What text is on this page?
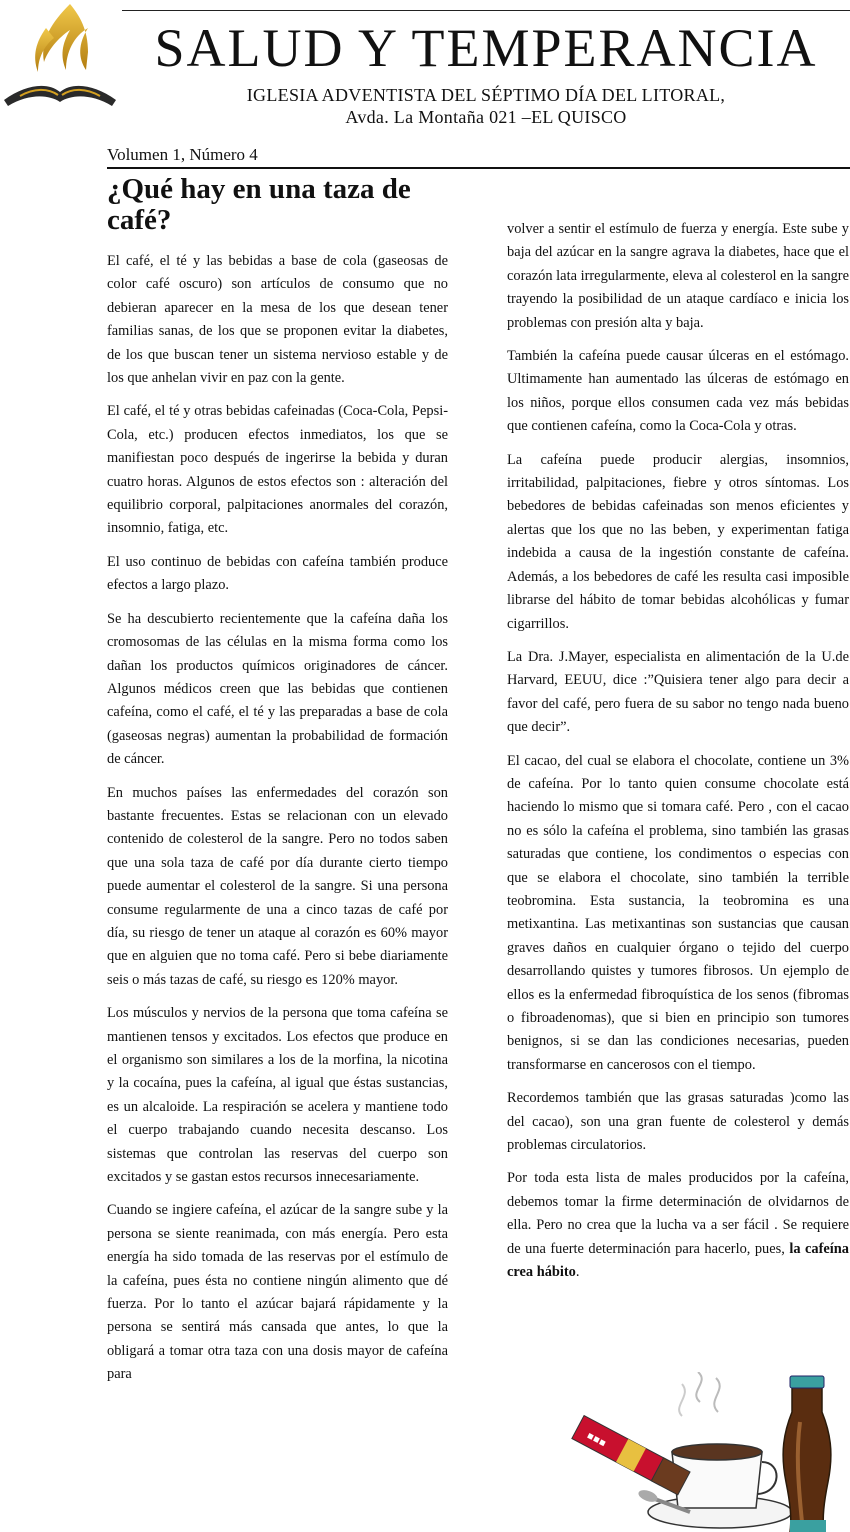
SALUD Y TEMPERANCIA
IGLESIA ADVENTISTA DEL SÉPTIMO DÍA DEL LITORAL,
Avda. La Montaña 021 –EL QUISCO
Volumen 1, Número 4
¿Qué hay en una taza de café?

El café, el té y las bebidas a base de cola (gaseosas de color café oscuro) son artículos de consumo que no debieran aparecer en la mesa de los que desean tener familias sanas, de los que se proponen evitar la diabetes, de los que buscan tener un sistema nervioso estable y de los que anhelan vivir en paz con la gente.

El café, el té y otras bebidas cafeinadas (Coca-Cola, Pepsi-Cola, etc.) producen efectos inmediatos, los que se manifiestan poco después de ingerirse la bebida y duran cuatro horas. Algunos de estos efectos son : alteración del equilibrio corporal, palpitaciones anormales del corazón, insomnio, fatiga, etc.

El uso continuo de bebidas con cafeína también produce efectos a largo plazo.

Se ha descubierto recientemente que la cafeína daña los cromosomas de las células en la misma forma como los dañan los productos químicos originadores de cáncer. Algunos médicos creen que las bebidas que contienen cafeína, como el café, el té y las preparadas a base de cola (gaseosas negras) aumentan la probabilidad de formación de cáncer.

En muchos países las enfermedades del corazón son bastante frecuentes. Estas se relacionan con un elevado contenido de colesterol de la sangre. Pero no todos saben que una sola taza de café por día durante cierto tiempo puede aumentar el colesterol de la sangre. Si una persona consume regularmente de una a cinco tazas de café por día, su riesgo de tener un ataque al corazón es 60% mayor que en alguien que no toma café. Pero si bebe diariamente seis o más tazas de café, su riesgo es 120% mayor.

Los músculos y nervios de la persona que toma cafeína se mantienen tensos y excitados. Los efectos que produce en el organismo son similares a los de la morfina, la nicotina y la cocaína, pues la cafeína, al igual que éstas sustancias, es un alcaloide. La respiración se acelera y mantiene todo el cuerpo trabajando cuando necesita descanso. Los sistemas que controlan las reservas del cuerpo son excitados y se gastan estos recursos innecesariamente.

Cuando se ingiere cafeína, el azúcar de la sangre sube y la persona se siente reanimada, con más energía. Pero esta energía ha sido tomada de las reservas por el estímulo de la cafeína, pues ésta no contiene ningún alimento que dé fuerza. Por lo tanto el azúcar bajará rápidamente y la persona se sentirá más cansada que antes, lo que la obligará a tomar otra taza con una dosis mayor de cafeína para

volver a sentir el estímulo de fuerza y energía. Este sube y baja del azúcar en la sangre agrava la diabetes, hace que el corazón lata irregularmente, eleva al colesterol en la sangre trayendo la posibilidad de un ataque cardíaco e inicia los problemas con presión alta y baja.

También la cafeína puede causar úlceras en el estómago. Ultimamente han aumentado las úlceras de estómago en los niños, porque ellos consumen cada vez más bebidas que contienen cafeína, como la Coca-Cola y otras.

La cafeína puede producir alergias, insomnios, irritabilidad, palpitaciones, fiebre y otros síntomas. Los bebedores de bebidas cafeinadas son menos eficientes y alertas que los que no las beben, y experimentan fatiga indebida a causa de la ingestión constante de cafeína. Además, a los bebedores de café les resulta casi imposible librarse del hábito de tomar bebidas alcohólicas y fumar cigarrillos.

La Dra. J.Mayer, especialista en alimentación de la U.de Harvard, EEUU, dice :”Quisiera tener algo para decir a favor del café, pero fuera de su sabor no tengo nada bueno que decir”.

El cacao, del cual se elabora el chocolate, contiene un 3% de cafeína. Por lo tanto quien consume chocolate está haciendo lo mismo que si tomara café. Pero , con el cacao no es sólo la cafeína el problema, sino también las grasas saturadas que contiene, los condimentos o especias con que se elabora el chocolate, sino también la terrible teobromina. Esta sustancia, la teobromina es una metixantina. Las metixantinas son sustancias que causan graves daños en cualquier órgano o tejido del cuerpo desarrollando quistes y tumores fibrosos. Un ejemplo de ellos es la enfermedad fibroquística de los senos (fibromas o fibroadenomas), que si bien en principio son tumores benignos, si se dan las condiciones necesarias, pueden transformarse en cancerosos con el tiempo.

Recordemos también que las grasas saturadas )como las del cacao), son una gran fuente de colesterol y demás problemas circulatorios.

Por toda esta lista de males producidos por la cafeína, debemos tomar la firme determinación de olvidarnos de ella. Pero no crea que la lucha va a ser fácil . Se requiere de una fuerte determinación para hacerlo, pues, la cafeína crea hábito.

▪▪▪
